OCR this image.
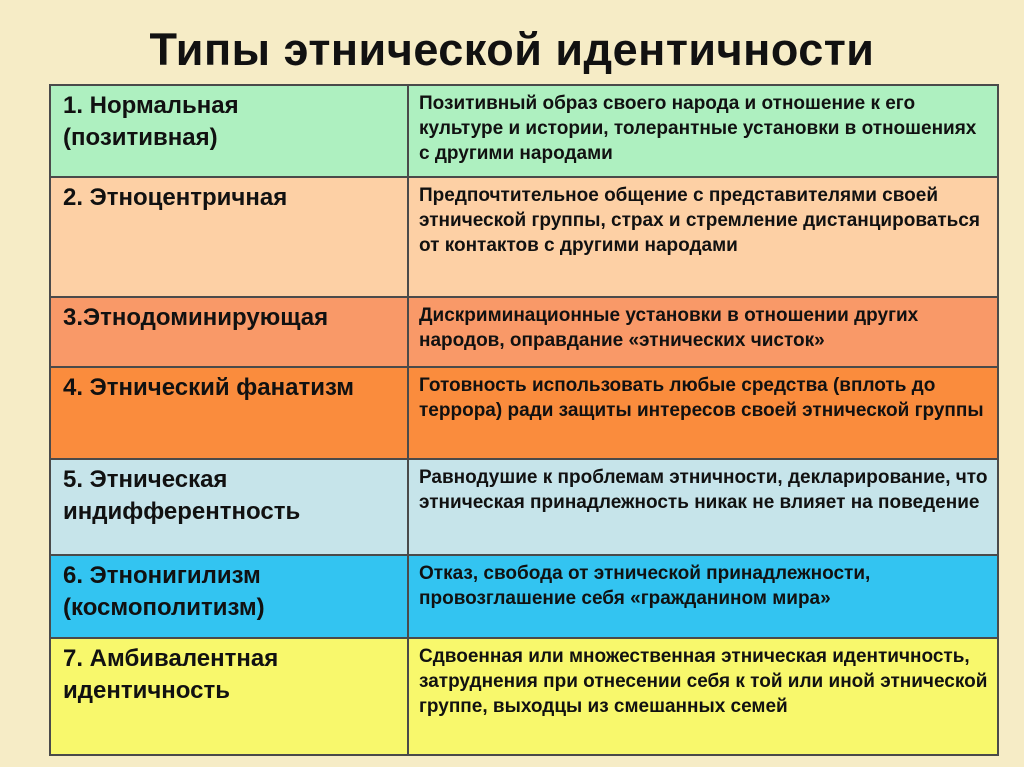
Типы этнической идентичности
1. Нормальная (позитивная)	Позитивный образ своего народа и отношение к его культуре и истории, толерантные установки в отношениях с другими народами
2. Этноцентричная	Предпочтительное общение с представителями своей этнической группы, страх и стремление дистанцироваться от контактов с другими народами
3.Этнодоминирующая	Дискриминационные установки в отношении других народов, оправдание «этнических чисток»
4. Этнический фанатизм	Готовность использовать любые средства (вплоть до террора) ради защиты интересов своей этнической группы
5. Этническая индифферентность	Равнодушие к проблемам этничности, декларирование, что этническая принадлежность никак не влияет на поведение
6. Этнонигилизм (космополитизм)	Отказ, свобода от этнической принадлежности, провозглашение себя «гражданином мира»
7. Амбивалентная идентичность	Сдвоенная или множественная этническая идентичность, затруднения при отнесении себя к той или иной этнической группе, выходцы из смешанных семей
